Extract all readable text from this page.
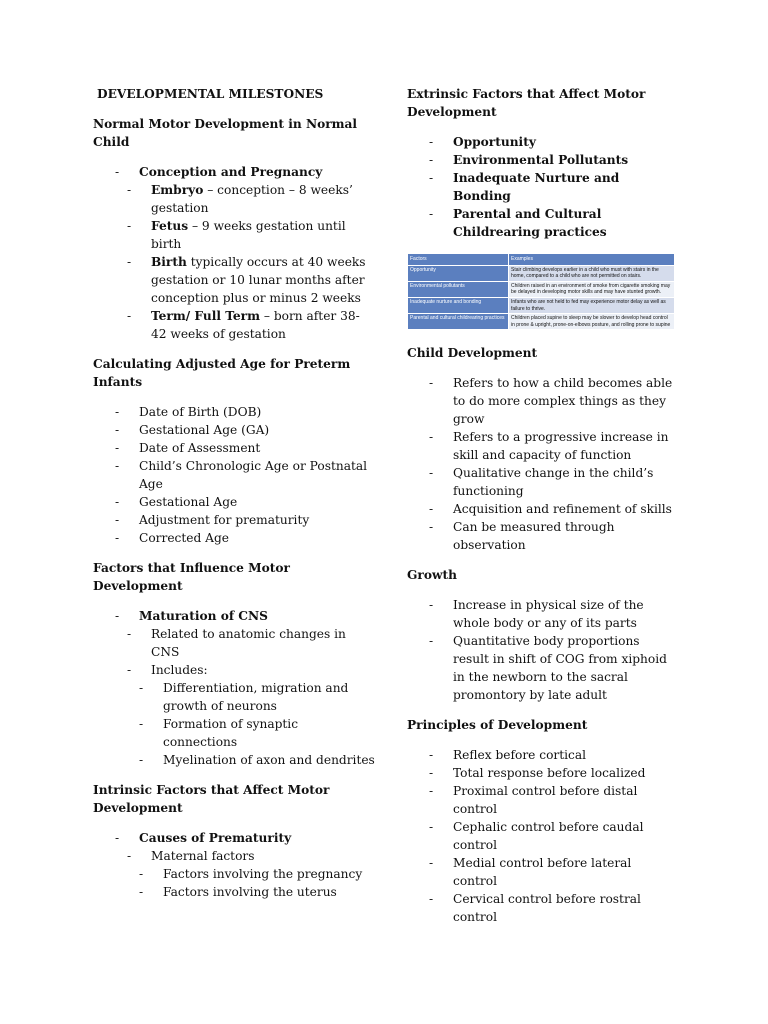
DEVELOPMENTAL MILESTONES
Normal Motor Development in Normal Child
- Conception and Pregnancy
- Embryo – conception – 8 weeks’ gestation
- Fetus – 9 weeks gestation until birth
- Birth typically occurs at 40 weeks gestation or 10 lunar months after conception plus or minus 2 weeks
- Term/ Full Term – born after 38-42 weeks of gestation
Calculating Adjusted Age for Preterm Infants
- Date of Birth (DOB)
- Gestational Age (GA)
- Date of Assessment
- Child’s Chronologic Age or Postnatal Age
- Gestational Age
- Adjustment for prematurity
- Corrected Age
Factors that Influence Motor Development
- Maturation of CNS
- Related to anatomic changes in CNS
- Includes:
- Differentiation, migration and growth of neurons
- Formation of synaptic connections
- Myelination of axon and dendrites
Intrinsic Factors that Affect Motor Development
- Causes of Prematurity
- Maternal factors
- Factors involving the pregnancy
- Factors involving the uterus
Extrinsic Factors that Affect Motor Development
- Opportunity
- Environmental Pollutants
- Inadequate Nurture and Bonding
- Parental and Cultural Childrearing practices
Factors	Examples
Opportunity	Stair climbing develops earlier in a child who must with stairs in the home, compared to a child who are not permitted on stairs.
Environmental pollutants	Children raised in an environment of smoke from cigarette smoking may be delayed in developing motor skills and may have stunted growth.
Inadequate nurture and bonding	Infants who are not held to fed may experience motor delay as well as failure to thrive.
Parental and cultural childrearing practices	Children placed supine to sleep may be slower to develop head control in prone & upright, prone-on-elbows posture, and rolling prone to supine
Child Development
- Refers to how a child becomes able to do more complex things as they grow
- Refers to a progressive increase in skill and capacity of function
- Qualitative change in the child’s functioning
- Acquisition and refinement of skills
- Can be measured through observation
Growth
- Increase in physical size of the whole body or any of its parts
- Quantitative body proportions result in shift of COG from xiphoid in the newborn to the sacral promontory by late adult
Principles of Development
- Reflex before cortical
- Total response before localized
- Proximal control before distal control
- Cephalic control before caudal control
- Medial control before lateral control
- Cervical control before rostral control
